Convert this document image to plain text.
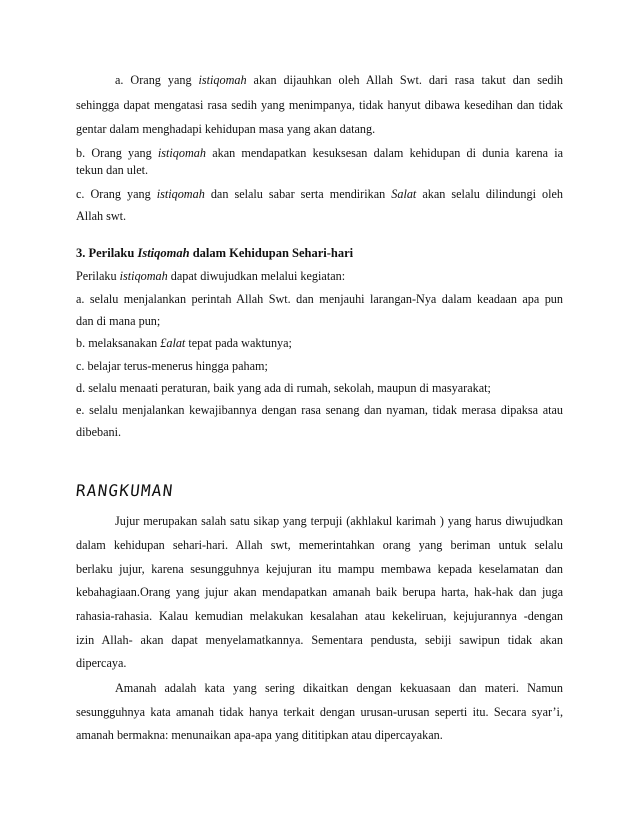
a. Orang yang istiqomah akan dijauhkan oleh Allah Swt. dari rasa takut dan sedih
sehingga dapat mengatasi rasa sedih yang menimpanya, tidak hanyut dibawa kesedihan dan tidak
gentar dalam menghadapi kehidupan masa yang akan datang.
b. Orang yang istiqomah akan mendapatkan kesuksesan dalam kehidupan di dunia karena ia
tekun dan ulet.
c. Orang yang istiqomah dan selalu sabar serta mendirikan Salat akan selalu dilindungi oleh
Allah swt.
3. Perilaku Istiqomah dalam Kehidupan Sehari-hari
Perilaku istiqomah dapat diwujudkan melalui kegiatan:
a. selalu menjalankan perintah Allah Swt. dan menjauhi larangan-Nya dalam keadaan apa pun
dan di mana pun;
b. melaksanakan £alat tepat pada waktunya;
c. belajar terus-menerus hingga paham;
d. selalu menaati peraturan, baik yang ada di rumah, sekolah, maupun di masyarakat;
e. selalu menjalankan kewajibannya dengan rasa senang dan nyaman, tidak merasa dipaksa atau
dibebani.
RANGKUMAN
Jujur merupakan salah satu sikap yang terpuji (akhlakul karimah ) yang harus diwujudkan
dalam kehidupan sehari-hari. Allah swt, memerintahkan orang yang beriman untuk selalu
berlaku jujur, karena sesungguhnya kejujuran itu mampu membawa kepada keselamatan dan
kebahagiaan.Orang yang jujur akan mendapatkan amanah baik berupa harta, hak-hak dan juga
rahasia-rahasia. Kalau kemudian melakukan kesalahan atau kekeliruan, kejujurannya -dengan
izin Allah- akan dapat menyelamatkannya. Sementara pendusta, sebiji sawipun tidak akan
dipercaya.
Amanah adalah kata yang sering dikaitkan dengan kekuasaan dan materi. Namun
sesungguhnya kata amanah tidak hanya terkait dengan urusan-urusan seperti itu. Secara syar’i,
amanah bermakna: menunaikan apa-apa yang dititipkan atau dipercayakan.
